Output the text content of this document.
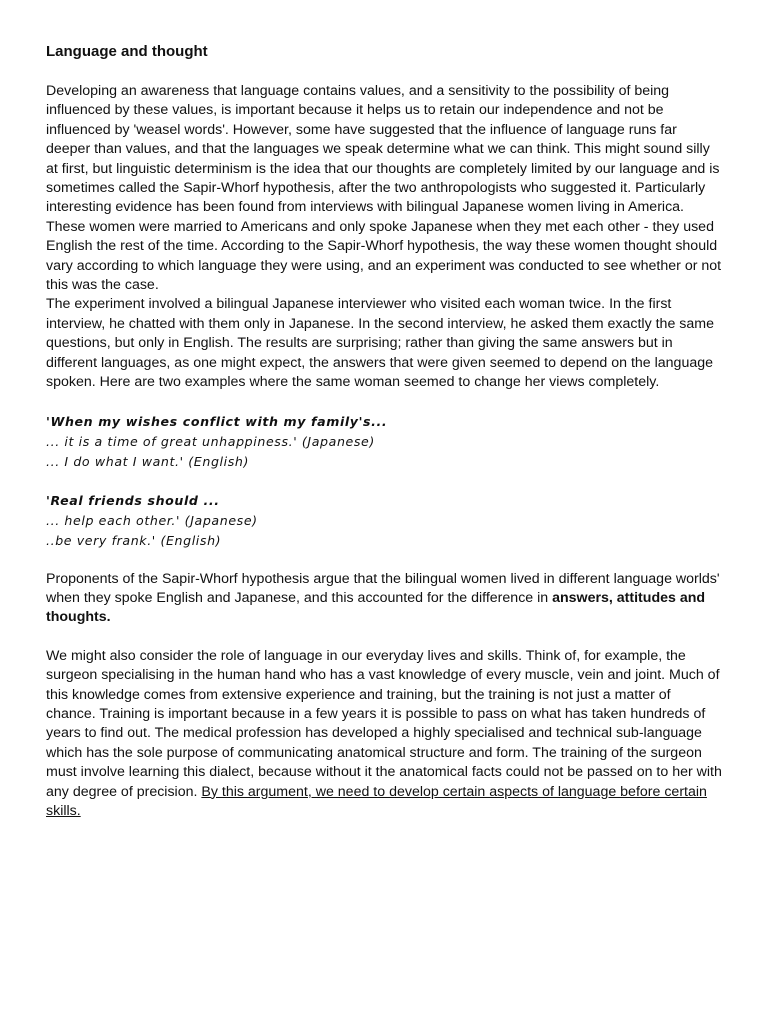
Language and thought

Developing an awareness that language contains values, and a sensitivity to the possibility of being influenced by these values, is important because it helps us to retain our independence and not be influenced by 'weasel words'. However, some have suggested that the influence of language runs far deeper than values, and that the languages we speak determine what we can think. This might sound silly at first, but linguistic determinism is the idea that our thoughts are completely limited by our language and is sometimes called the Sapir-Whorf hypothesis, after the two anthropologists who suggested it. Particularly interesting evidence has been found from interviews with bilingual Japanese women living in America. These women were married to Americans and only spoke Japanese when they met each other - they used English the rest of the time. According to the Sapir-Whorf hypothesis, the way these women thought should vary according to which language they were using, and an experiment was conducted to see whether or not this was the case.

The experiment involved a bilingual Japanese interviewer who visited each woman twice. In the first interview, he chatted with them only in Japanese. In the second interview, he asked them exactly the same questions, but only in English. The results are surprising; rather than giving the same answers but in different languages, as one might expect, the answers that were given seemed to depend on the language spoken. Here are two examples where the same woman seemed to change her views completely.

'When my wishes conflict with my family's...

... it is a time of great unhappiness.' (Japanese)

... I do what I want.' (English)

'Real friends should ...

... help each other.' (Japanese)

..be very frank.' (English)

Proponents of the Sapir-Whorf hypothesis argue that the bilingual women lived in different language worlds' when they spoke English and Japanese, and this accounted for the difference in answers, attitudes and thoughts.

We might also consider the role of language in our everyday lives and skills. Think of, for example, the surgeon specialising in the human hand who has a vast knowledge of every muscle, vein and joint. Much of this knowledge comes from extensive experience and training, but the training is not just a matter of chance. Training is important because in a few years it is possible to pass on what has taken hundreds of years to find out. The medical profession has developed a highly specialised and technical sub-language which has the sole purpose of communicating anatomical structure and form. The training of the surgeon must involve learning this dialect, because without it the anatomical facts could not be passed on to her with any degree of precision. By this argument, we need to develop certain aspects of language before certain skills.
